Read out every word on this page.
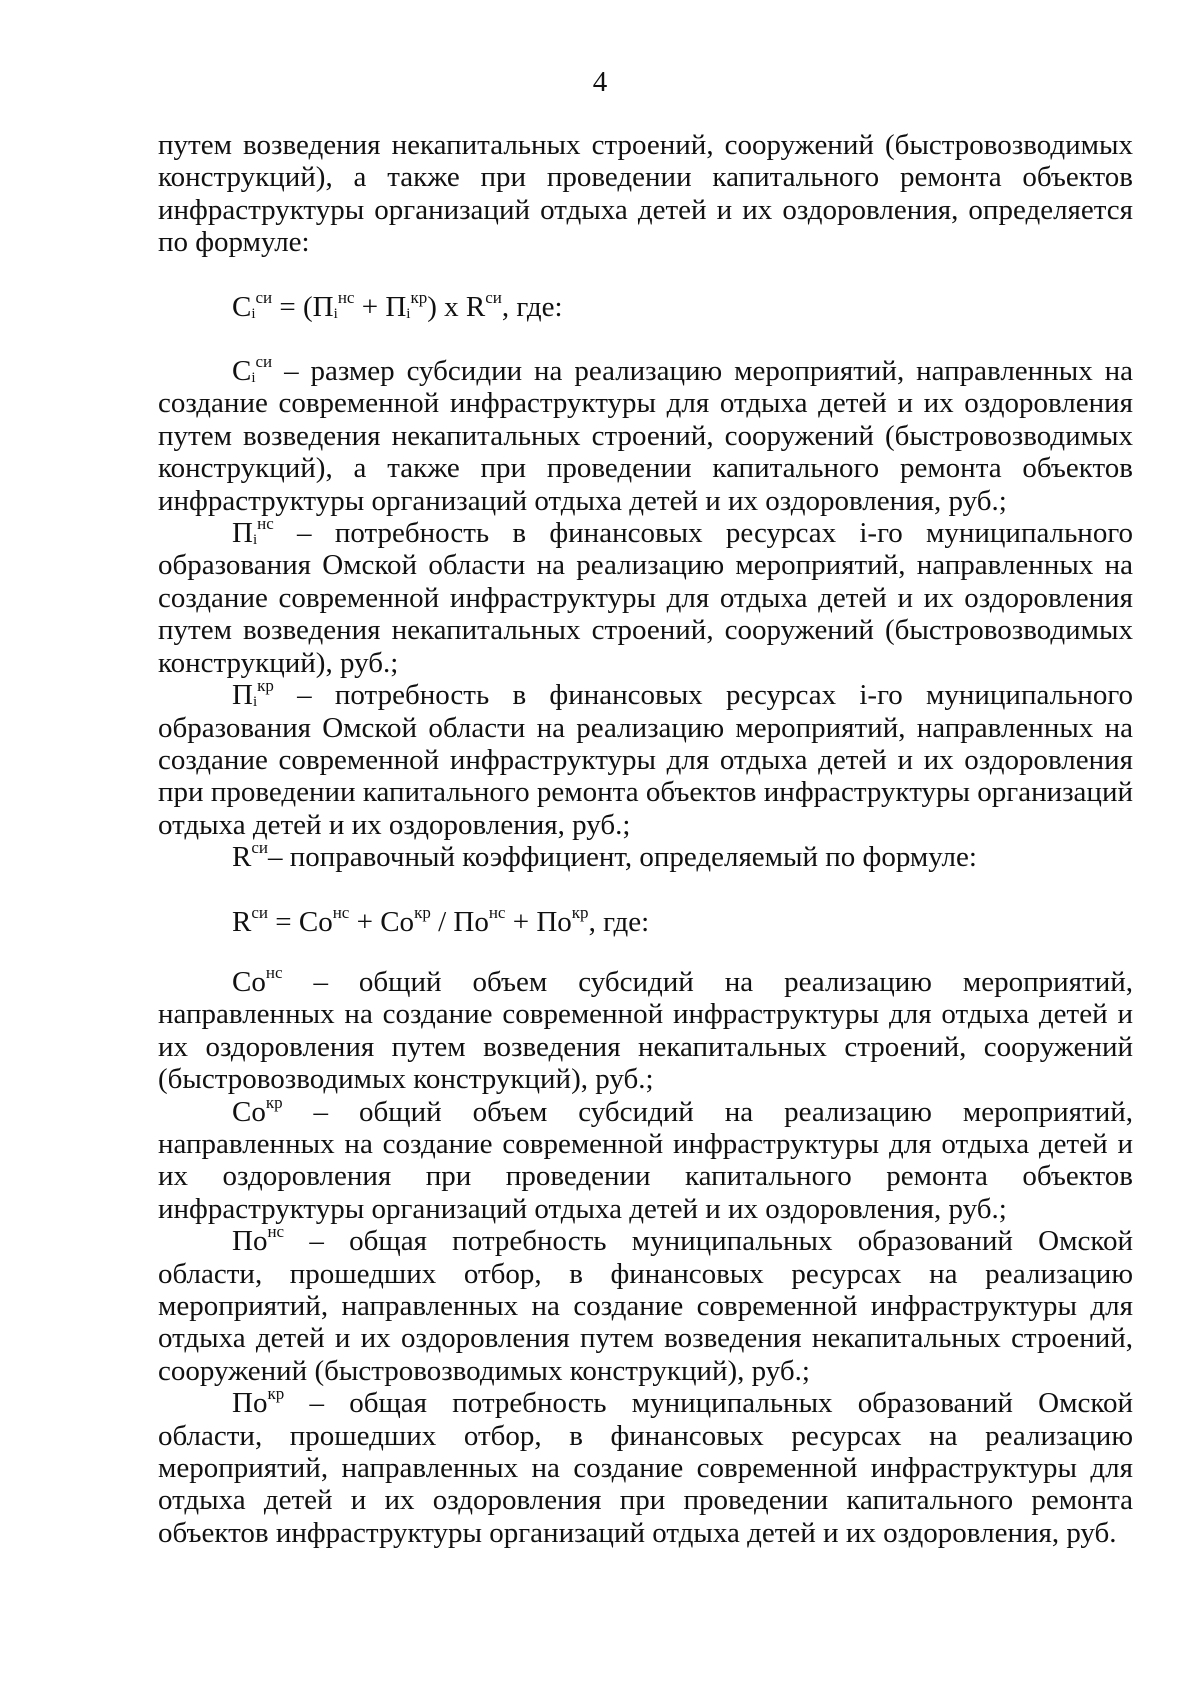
4

путем возведения некапитальных строений, сооружений (быстровозводимых конструкций), а также при проведении капитального ремонта объектов инфраструктуры организаций отдыха детей и их оздоровления, определяется по формуле:

$С_i^{си} = (П_i^{нс} + П_i^{кр})$ х $R^{си}$, где:

$С_i^{си}$ – размер субсидии на реализацию мероприятий, направленных на создание современной инфраструктуры для отдыха детей и их оздоровления путем возведения некапитальных строений, сооружений (быстровозводимых конструкций), а также при проведении капитального ремонта объектов инфраструктуры организаций отдыха детей и их оздоровления, руб.;

$П_i^{нс}$ – потребность в финансовых ресурсах i-го муниципального образования Омской области на реализацию мероприятий, направленных на создание современной инфраструктуры для отдыха детей и их оздоровления путем возведения некапитальных строений, сооружений (быстровозводимых конструкций), руб.;

$П_i^{кр}$ – потребность в финансовых ресурсах i-го муниципального образования Омской области на реализацию мероприятий, направленных на создание современной инфраструктуры для отдыха детей и их оздоровления при проведении капитального ремонта объектов инфраструктуры организаций отдыха детей и их оздоровления, руб.;

$R^{си}-$ поправочный коэффициент, определяемый по формуле:

$R^{си} = Со^{нс} + Со^{кр} / По^{нс} + По^{кр}$, где:

$Со^{нс}$ – общий объем субсидий на реализацию мероприятий, направленных на создание современной инфраструктуры для отдыха детей и их оздоровления путем возведения некапитальных строений, сооружений (быстровозводимых конструкций), руб.;

$Со^{кр}$ – общий объем субсидий на реализацию мероприятий, направленных на создание современной инфраструктуры для отдыха детей и их оздоровления при проведении капитального ремонта объектов инфраструктуры организаций отдыха детей и их оздоровления, руб.;

$По^{нс}$ – общая потребность муниципальных образований Омской области, прошедших отбор, в финансовых ресурсах на реализацию мероприятий, направленных на создание современной инфраструктуры для отдыха детей и их оздоровления путем возведения некапитальных строений, сооружений (быстровозводимых конструкций), руб.;

$По^{кр}$ – общая потребность муниципальных образований Омской области, прошедших отбор, в финансовых ресурсах на реализацию мероприятий, направленных на создание современной инфраструктуры для отдыха детей и их оздоровления при проведении капитального ремонта объектов инфраструктуры организаций отдыха детей и их оздоровления, руб.
